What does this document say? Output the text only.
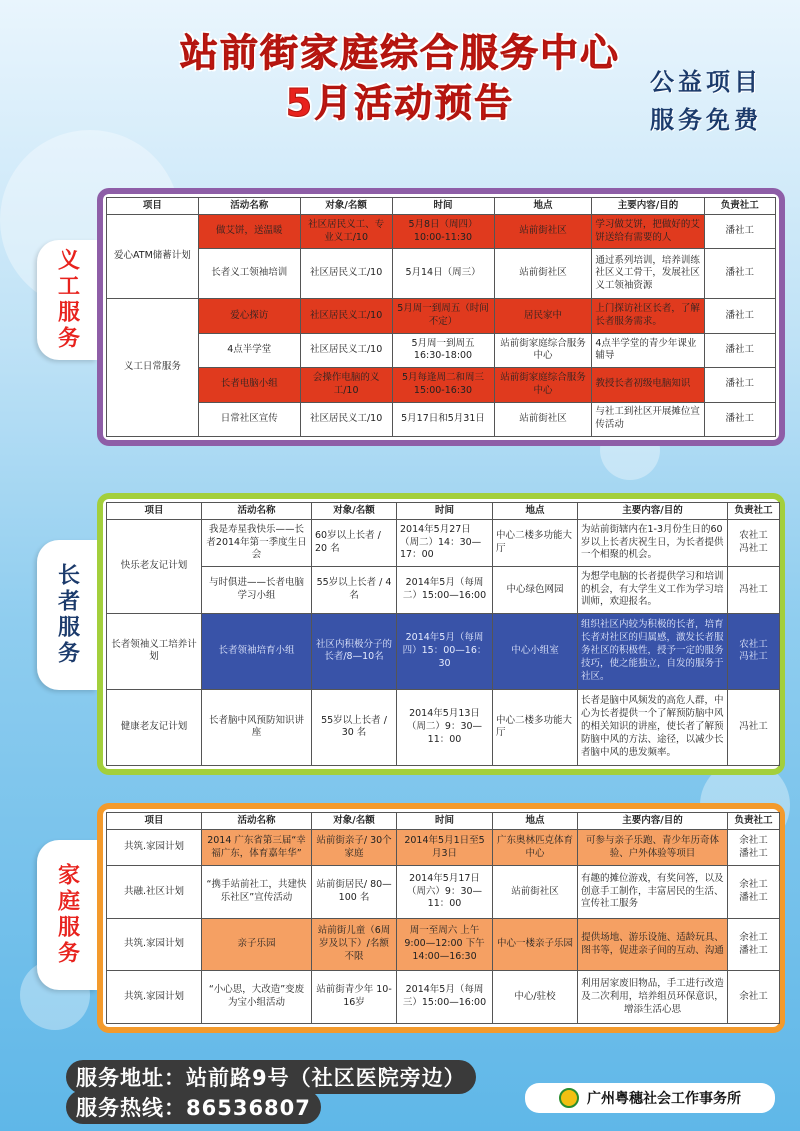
站前街家庭综合服务中心
5月活动预告	公益项目
服务免费
义工服务
项目	活动名称	对象/名额	时间	地点	主要内容/目的	负责社工
爱心ATM储蓄计划	做艾饼，送温暖	社区居民义工、专业义工/10	5月8日（周四）10:00-11:30	站前街社区	学习做艾饼，把做好的艾饼送给有需要的人	潘社工
	长者义工领袖培训	社区居民义工/10	5月14日（周三）	站前街社区	通过系列培训，培养训练社区义工骨干，发展社区义工领袖资源	潘社工
义工日常服务	爱心探访	社区居民义工/10	5月周一到周五（时间不定）	居民家中	上门探访社区长者，了解长者服务需求。	潘社工
	4点半学堂	社区居民义工/10	5月周一到周五 16:30-18:00	站前街家庭综合服务中心	4点半学堂的青少年课业辅导	潘社工
	长者电脑小组	会操作电脑的义工/10	5月每逢周二和周三 15:00-16:30	站前街家庭综合服务中心	教授长者初级电脑知识	潘社工
	日常社区宣传	社区居民义工/10	5月17日和5月31日	站前街社区	与社工到社区开展摊位宣传活动	潘社工
长者服务
项目	活动名称	对象/名额	时间	地点	主要内容/目的	负责社工
快乐老友记计划	我是寿星我快乐——长者2014年第一季度生日会	60岁以上长者 / 20 名	2014年5月27日（周二）14：30—17：00	中心二楼多功能大厅	为站前街辖内在1-3月份生日的60岁以上长者庆祝生日，为长者提供一个相聚的机会。	农社工
冯社工
	与时俱进——长者电脑学习小组	55岁以上长者 / 4 名	2014年5月（每周二）15:00—16:00	中心绿色网园	为想学电脑的长者提供学习和培训的机会，有大学生义工作为学习培训师，欢迎报名。	冯社工
长者领袖义工培养计划	长者领袖培育小组	社区内积极分子的长者/8—10名	2014年5月（每周四）15：00—16：30	中心小组室	组织社区内较为积极的长者，培育长者对社区的归属感，激发长者服务社区的积极性，授予一定的服务技巧，使之能独立，自发的服务于社区。	农社工
冯社工
健康老友记计划	长者脑中风预防知识讲座	55岁以上长者 / 30 名	2014年5月13日（周二）9：30—11：00	中心二楼多功能大厅	长者是脑中风频发的高危人群，中心为长者提供一个了解预防脑中风的相关知识的讲座，使长者了解预防脑中风的方法、途径，以减少长者脑中风的患发频率。	冯社工
家庭服务
项目	活动名称	对象/名额	时间	地点	主要内容/目的	负责社工
共筑.家园计划	2014 广东省第三届“幸福广东，体育嘉年华”	站前街亲子/ 30个家庭	2014年5月1日至5月3日	广东奥林匹克体育中心	可参与亲子乐跑、青少年历奇体验、户外体验等项目	余社工
潘社工
共融.社区计划	“携手站前社工，共建快乐社区”宣传活动	站前街居民/ 80—100 名	2014年5月17日（周六）9：30—11：00	站前街社区	有趣的摊位游戏，有奖问答，以及创意手工制作，丰富居民的生活、宣传社工服务	余社工
潘社工
共筑.家园计划	亲子乐园	站前街儿童（6周岁及以下）/名额不限	周一至周六 上午9:00—12:00 下午14:00—16:30	中心一楼亲子乐园	提供场地、游乐设施、适龄玩具、图书等，促进亲子间的互动、沟通	余社工
潘社工
共筑.家园计划	“小心思，大改造”变废为宝小组活动	站前街青少年 10-16岁	2014年5月（每周三）15:00—16:00	中心/驻校	利用居家废旧物品，手工进行改造及二次利用，培养组员环保意识，增添生活心思	余社工
服务地址：站前路9号（社区医院旁边）
服务热线：86536807	广州粤穗社会工作事务所
